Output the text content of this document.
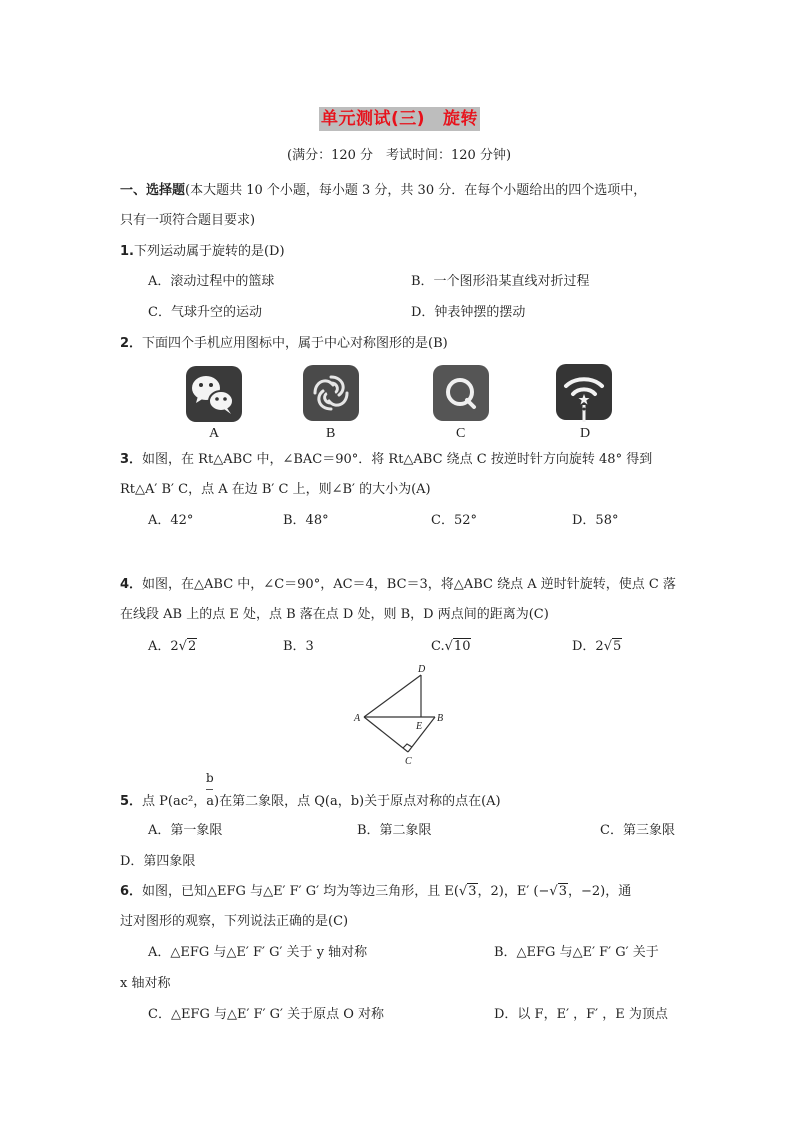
单元测试(三) 旋转
(满分：120 分　考试时间：120 分钟)
一、选择题(本大题共 10 个小题，每小题 3 分，共 30 分．在每个小题给出的四个选项中，
只有一项符合题目要求)
1.下列运动属于旋转的是(D)
A．滚动过程中的篮球	B．一个图形沿某直线对折过程
C．气球升空的运动	D．钟表钟摆的摆动
2．下面四个手机应用图标中，属于中心对称图形的是(B)
A	B	C	D
3．如图，在 Rt△ABC 中，∠BAC＝90°．将 Rt△ABC 绕点 C 按逆时针方向旋转 48° 得到
Rt△A′ B′ C，点 A 在边 B′ C 上，则∠B′ 的大小为(A)
A．42°	B．48°	C．52°	D．58°
4．如图，在△ABC 中，∠C＝90°，AC＝4，BC＝3，将△ABC 绕点 A 逆时针旋转，使点 C 落
在线段 AB 上的点 E 处，点 B 落在点 D 处，则 B，D 两点间的距离为(C)
A．2√2	B．3	C.√10	D．2√5
D
A
E
B
C
b
5．点 P(ac²，a)在第二象限，点 Q(a，b)关于原点对称的点在(A)
A．第一象限	B．第二象限	C．第三象限
D．第四象限
6．如图，已知△EFG 与△E′ F′ G′ 均为等边三角形，且 E(√3，2)，E′ (−√3，−2)，通
过对图形的观察，下列说法正确的是(C)
A．△EFG 与△E′ F′ G′ 关于 y 轴对称	B．△EFG 与△E′ F′ G′ 关于
x 轴对称
C．△EFG 与△E′ F′ G′ 关于原点 O 对称	D．以 F，E′ ，F′ ，E 为顶点
